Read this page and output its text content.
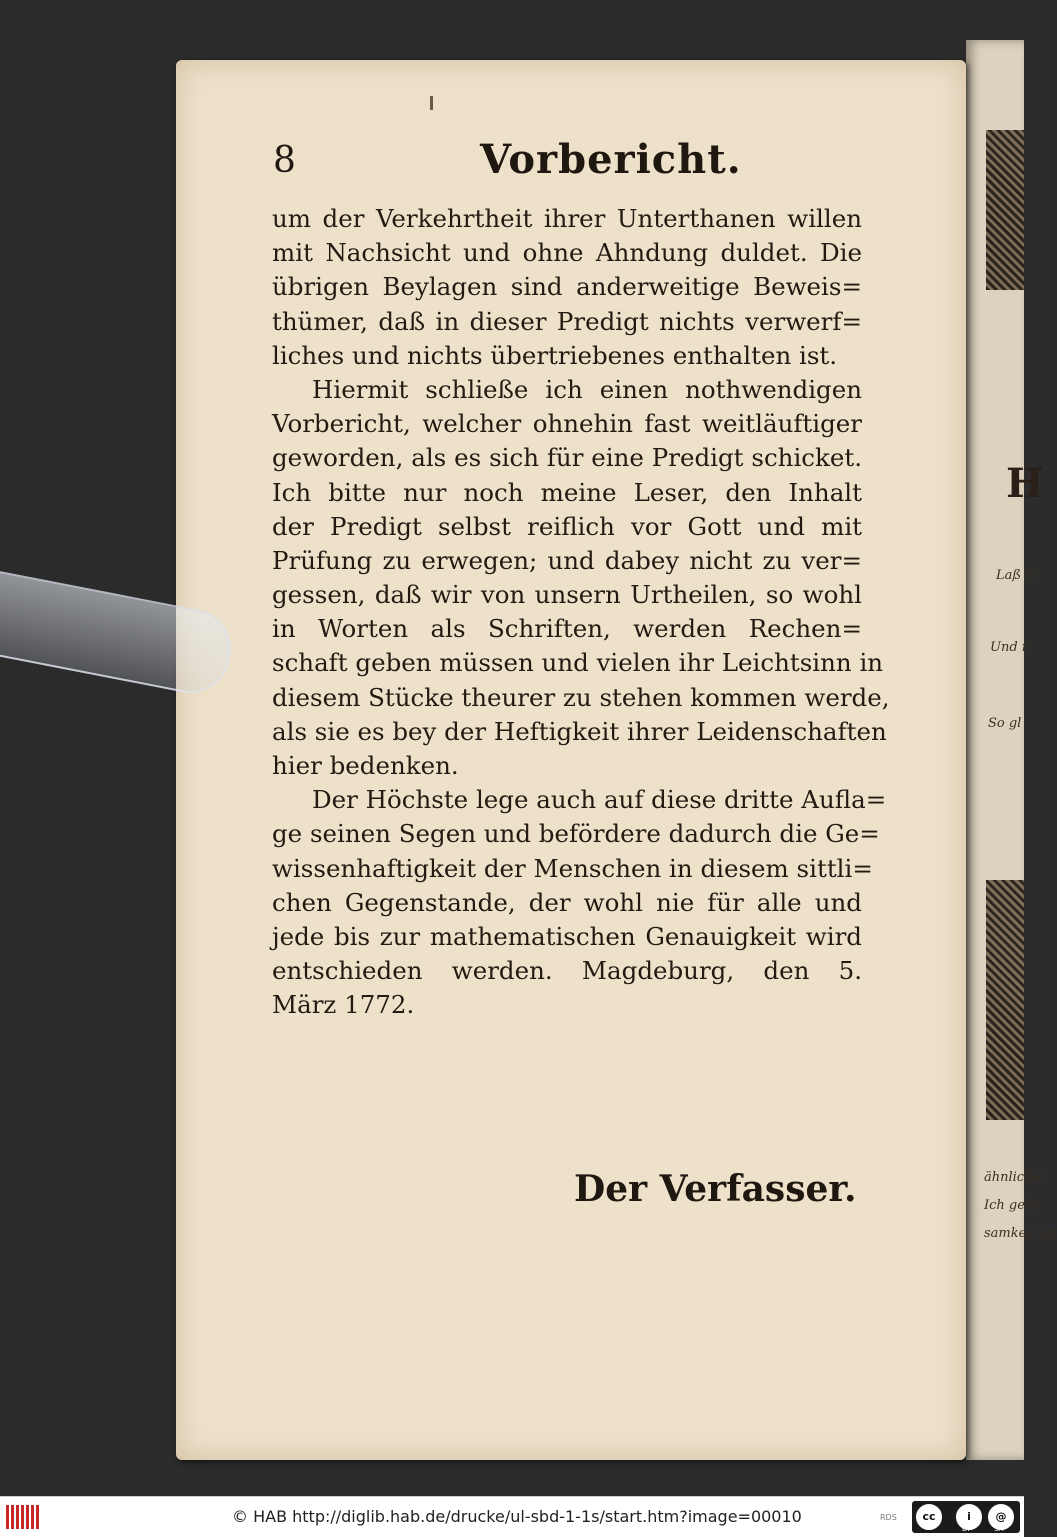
H
Laß fe
Und n
So gl
ähnlicher
Ich gehe
samkeit un
8	Vorbericht.
um der Verkehrtheit ihrer Unterthanen willen
mit Nachsicht und ohne Ahndung duldet. Die
übrigen Beylagen sind anderweitige Beweis=
thümer, daß in dieser Predigt nichts verwerf=
liches und nichts übertriebenes enthalten ist.
Hiermit schließe ich einen nothwendigen
Vorbericht, welcher ohnehin fast weitläuftiger
geworden, als es sich für eine Predigt schicket.
Ich bitte nur noch meine Leser, den Inhalt
der Predigt selbst reiflich vor Gott und mit
Prüfung zu erwegen; und dabey nicht zu ver=
gessen, daß wir von unsern Urtheilen, so wohl
in Worten als Schriften, werden Rechen=
schaft geben müssen und vielen ihr Leichtsinn in
diesem Stücke theurer zu stehen kommen werde,
als sie es bey der Heftigkeit ihrer Leidenschaften
hier bedenken.
Der Höchste lege auch auf diese dritte Aufla=
ge seinen Segen und befördere dadurch die Ge=
wissenhaftigkeit der Menschen in diesem sittli=
chen Gegenstande, der wohl nie für alle und
jede bis zur mathematischen Genauigkeit wird
entschieden werden. Magdeburg, den 5.
März 1772.
Der Verfasser.
© HAB http://diglib.hab.de/drucke/ul-sbd-1-1s/start.htm?image=00010	RDS	cc	i	@
BY	SA
